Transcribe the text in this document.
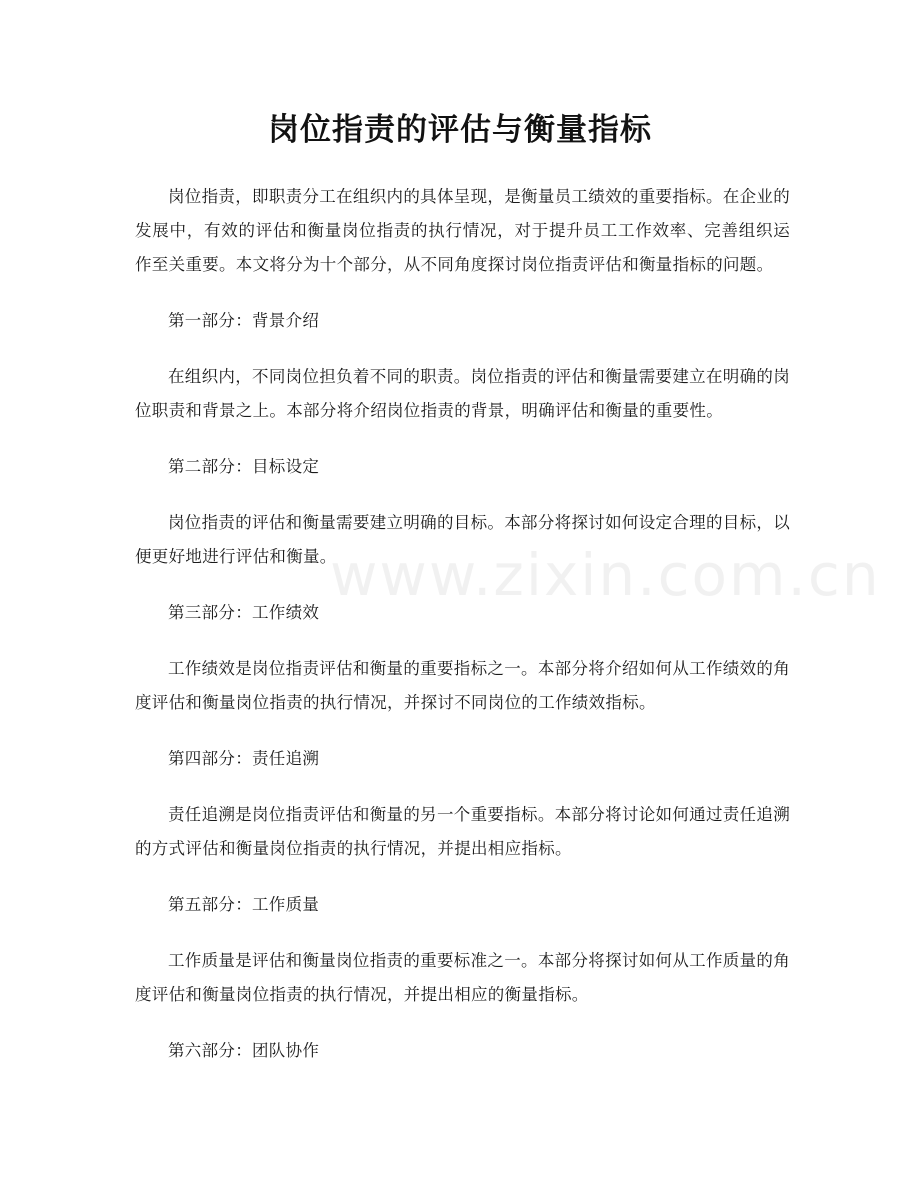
岗位指责的评估与衡量指标

岗位指责，即职责分工在组织内的具体呈现，是衡量员工绩效的重要指标。在企业的发展中，有效的评估和衡量岗位指责的执行情况，对于提升员工工作效率、完善组织运作至关重要。本文将分为十个部分，从不同角度探讨岗位指责评估和衡量指标的问题。

第一部分：背景介绍

在组织内，不同岗位担负着不同的职责。岗位指责的评估和衡量需要建立在明确的岗位职责和背景之上。本部分将介绍岗位指责的背景，明确评估和衡量的重要性。

第二部分：目标设定

岗位指责的评估和衡量需要建立明确的目标。本部分将探讨如何设定合理的目标，以便更好地进行评估和衡量。

第三部分：工作绩效

工作绩效是岗位指责评估和衡量的重要指标之一。本部分将介绍如何从工作绩效的角度评估和衡量岗位指责的执行情况，并探讨不同岗位的工作绩效指标。

第四部分：责任追溯

责任追溯是岗位指责评估和衡量的另一个重要指标。本部分将讨论如何通过责任追溯的方式评估和衡量岗位指责的执行情况，并提出相应指标。

第五部分：工作质量

工作质量是评估和衡量岗位指责的重要标准之一。本部分将探讨如何从工作质量的角度评估和衡量岗位指责的执行情况，并提出相应的衡量指标。

第六部分：团队协作

www.zixin.com.cn
